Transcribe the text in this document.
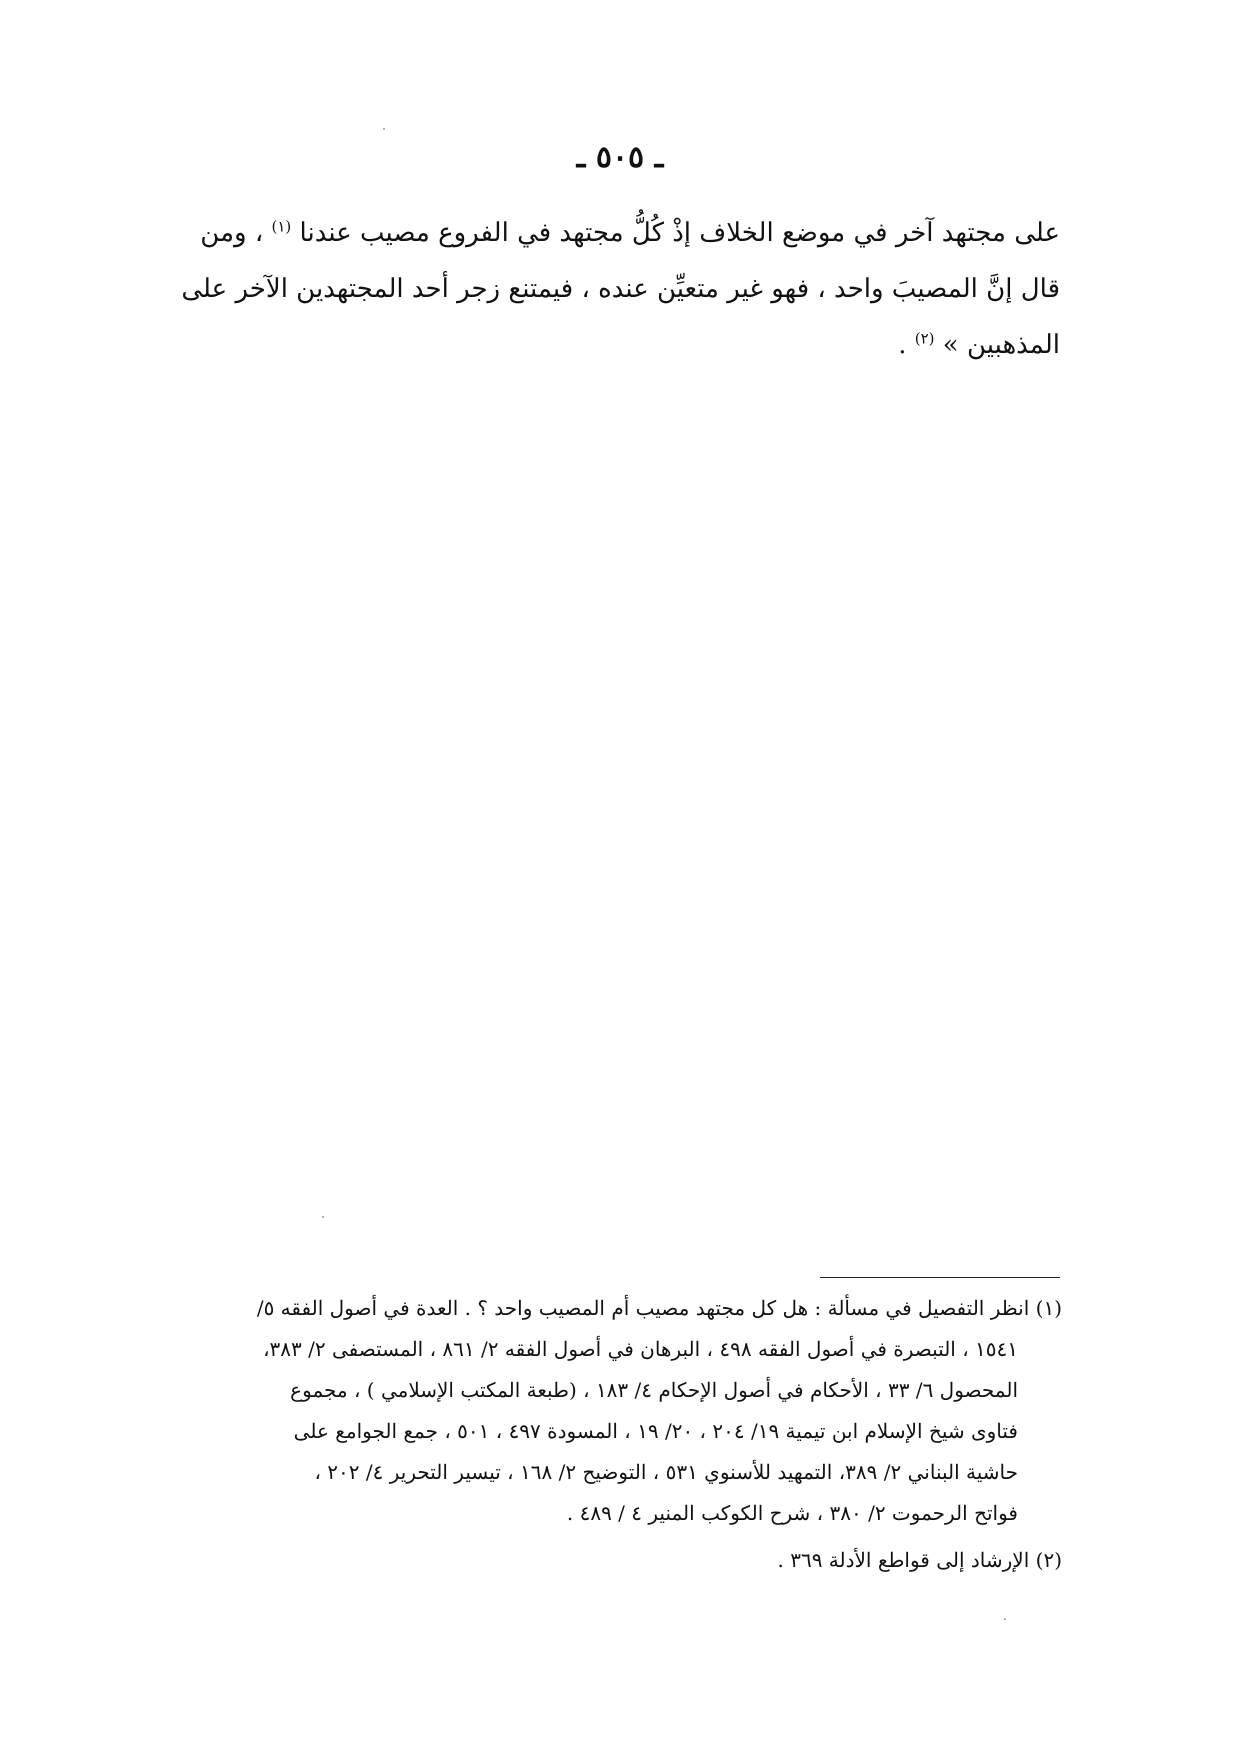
ـ ٥٠٥ ـ
على مجتهد آخر في موضع الخلاف إذْ كُلُّ مجتهد في الفروع مصيب عندنا $^{(١)}$ ، ومن
قال إنَّ المصيبَ واحد ، فهو غير متعيِّن عنده ، فيمتنع زجر أحد المجتهدين الآخر على
المذهبين » $^{(٢)}$ .
(١) انظر التفصيل في مسألة : هل كل مجتهد مصيب أم المصيب واحد ؟ . العدة في أصول الفقه ٥/
١٥٤١ ، التبصرة في أصول الفقه ٤٩٨ ، البرهان في أصول الفقه ٢/ ٨٦١ ، المستصفى ٢/ ٣٨٣،
المحصول ٦/ ٣٣ ، الأحكام في أصول الإحكام ٤/ ١٨٣ ، (طبعة المكتب الإسلامي ) ، مجموع
فتاوى شيخ الإسلام ابن تيمية ١٩/ ٢٠٤ ، ٢٠/ ١٩ ، المسودة ٤٩٧ ، ٥٠١ ، جمع الجوامع على
حاشية البناني ٢/ ٣٨٩، التمهيد للأسنوي ٥٣١ ، التوضيح ٢/ ١٦٨ ، تيسير التحرير ٤/ ٢٠٢ ،
فواتح الرحموت ٢/ ٣٨٠ ، شرح الكوكب المنير ٤ / ٤٨٩ .
(٢) الإرشاد إلى قواطع الأدلة ٣٦٩ .
